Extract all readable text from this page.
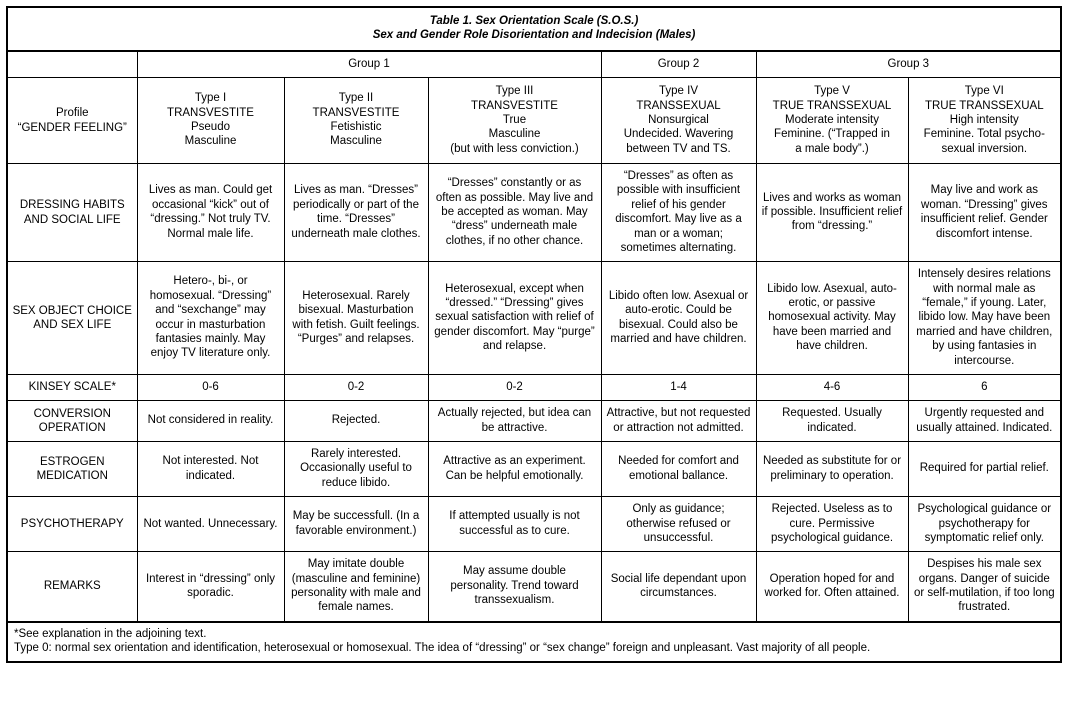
Table 1. Sex Orientation Scale (S.O.S.)
Sex and Gender Role Disorientation and Indecision (Males)						

	Group 1			Group 2	Group 3	

Profile
“GENDER FEELING”	Type I
TRANSVESTITE
Pseudo
Masculine	Type II
TRANSVESTITE
Fetishistic
Masculine	Type III
TRANSVESTITE
True
Masculine
(but with less conviction.)	Type IV
TRANSSEXUAL
Nonsurgical
Undecided. Wavering
between TV and TS.	Type V
TRUE TRANSSEXUAL
Moderate intensity
Feminine. (“Trapped in
a male body”.)	Type VI
TRUE TRANSSEXUAL
High intensity
Feminine. Total psycho-
sexual inversion.

DRESSING HABITS AND SOCIAL LIFE	Lives as man. Could get occasional “kick” out of “dressing.” Not truly TV. Normal male life.	Lives as man. “Dresses” periodically or part of the time. “Dresses” underneath male clothes.	“Dresses” constantly or as often as possible. May live and be accepted as woman. May “dress” underneath male clothes, if no other chance.	“Dresses” as often as possible with insufficient relief of his gender discomfort. May live as a man or a woman; sometimes alternating.	Lives and works as woman if possible. Insufficient relief from “dressing.”	May live and work as woman. “Dressing” gives insufficient relief. Gender discomfort intense.
SEX OBJECT CHOICE AND SEX LIFE	Hetero-, bi-, or homosexual. “Dressing” and “sexchange” may occur in masturbation fantasies mainly. May enjoy TV literature only.	Heterosexual. Rarely bisexual. Masturbation with fetish. Guilt feelings. “Purges” and relapses.	Heterosexual, except when “dressed.” “Dressing” gives sexual satisfaction with relief of gender discomfort. May “purge” and relapse.	Libido often low. Asexual or auto-erotic. Could be bisexual. Could also be married and have children.	Libido low. Asexual, auto-erotic, or passive homosexual activity. May have been married and have children.	Intensely desires relations with normal male as “female,” if young. Later, libido low. May have been married and have children, by using fantasies in intercourse.
KINSEY SCALE*	0-6	0-2	0-2	1-4	4-6	6
CONVERSION OPERATION	Not considered in reality.	Rejected.	Actually rejected, but idea can be attractive.	Attractive, but not requested or attraction not admitted.	Requested. Usually indicated.	Urgently requested and usually attained. Indicated.
ESTROGEN MEDICATION	Not interested. Not indicated.	Rarely interested. Occasionally useful to reduce libido.	Attractive as an experiment. Can be helpful emotionally.	Needed for comfort and emotional ballance.	Needed as substitute for or preliminary to operation.	Required for partial relief.
PSYCHOTHERAPY	Not wanted. Unnecessary.	May be successfull. (In a favorable environment.)	If attempted usually is not successful as to cure.	Only as guidance; otherwise refused or unsuccessful.	Rejected. Useless as to cure. Permissive psychological guidance.	Psychological guidance or psychotherapy for symptomatic relief only.
REMARKS	Interest in “dressing” only sporadic.	May imitate double (masculine and feminine) personality with male and female names.	May assume double personality. Trend toward transsexualism.	Social life dependant upon circumstances.	Operation hoped for and worked for. Often attained.	Despises his male sex organs. Danger of suicide or self-mutilation, if too long frustrated.

*See explanation in the adjoining text.
Type 0: normal sex orientation and identification, heterosexual or homosexual. The idea of “dressing” or “sex change” foreign and unpleasant. Vast majority of all people.						
